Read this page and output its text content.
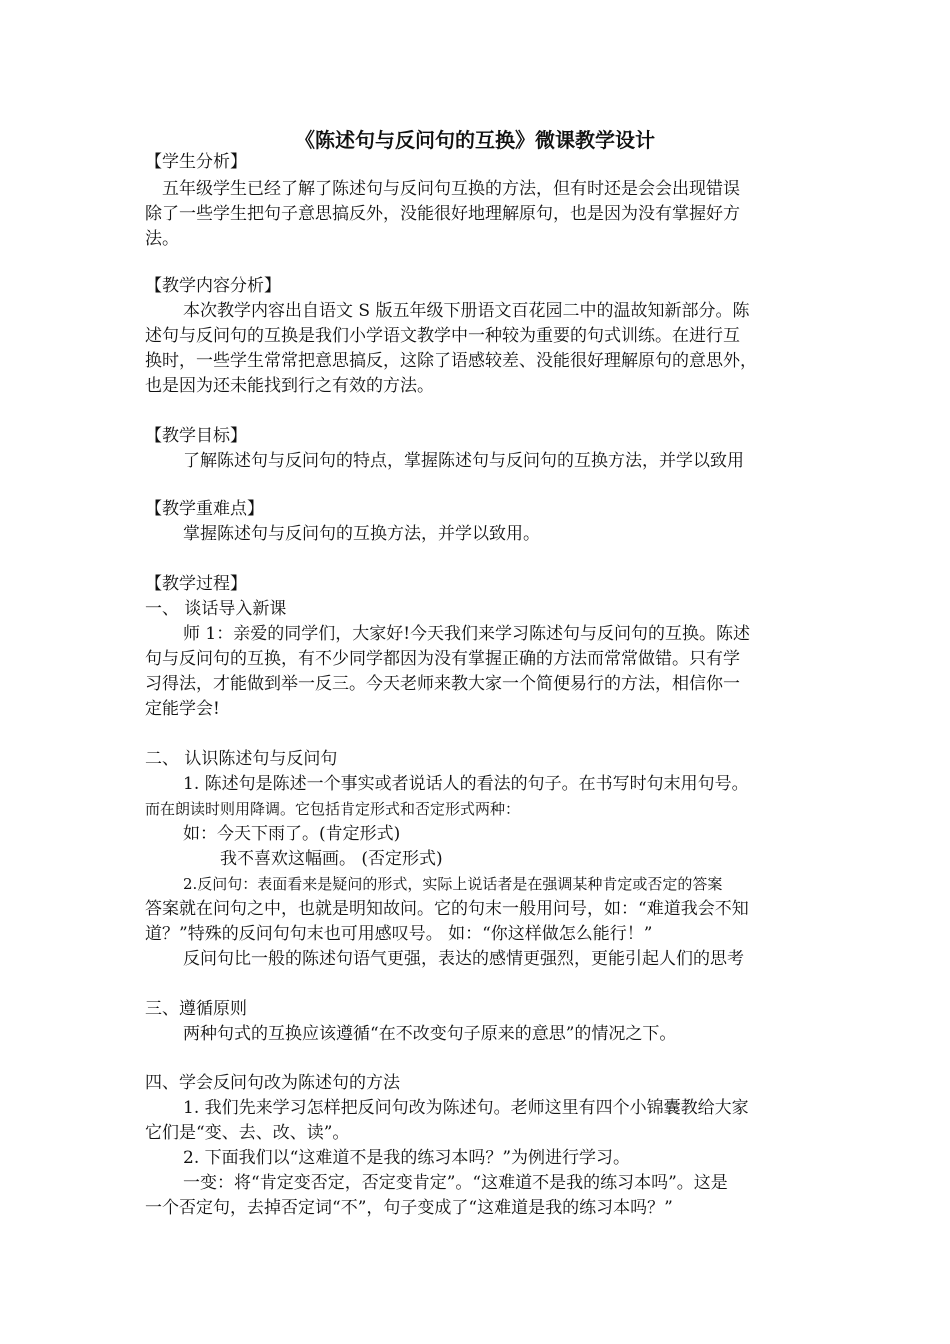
《陈述句与反问句的互换》微课教学设计

【学生分析】

五年级学生已经了解了陈述句与反问句互换的方法，但有时还是会会出现错误

除了一些学生把句子意思搞反外，没能很好地理解原句，也是因为没有掌握好方

法。

【教学内容分析】

本次教学内容出自语文 S 版五年级下册语文百花园二中的温故知新部分。陈

述句与反问句的互换是我们小学语文教学中一种较为重要的句式训练。在进行互

换时，一些学生常常把意思搞反，这除了语感较差、没能很好理解原句的意思外，

也是因为还未能找到行之有效的方法。

【教学目标】

了解陈述句与反问句的特点，掌握陈述句与反问句的互换方法，并学以致用

【教学重难点】

掌握陈述句与反问句的互换方法，并学以致用。

【教学过程】

一、 谈话导入新课

师 1：亲爱的同学们，大家好!今天我们来学习陈述句与反问句的互换。陈述

句与反问句的互换，有不少同学都因为没有掌握正确的方法而常常做错。只有学

习得法，才能做到举一反三。今天老师来教大家一个简便易行的方法，相信你一

定能学会!

二、 认识陈述句与反问句

1. 陈述句是陈述一个事实或者说话人的看法的句子。在书写时句末用句号。

而在朗读时则用降调。它包括肯定形式和否定形式两种：

如：今天下雨了。(肯定形式)

我不喜欢这幅画。 (否定形式)

2.反问句：表面看来是疑问的形式，实际上说话者是在强调某种肯定或否定的答案

答案就在问句之中，也就是明知故问。它的句末一般用问号，如：“难道我会不知

道？”特殊的反问句句末也可用感叹号。 如：“你这样做怎么能行！”

反问句比一般的陈述句语气更强，表达的感情更强烈，更能引起人们的思考

三、遵循原则

两种句式的互换应该遵循“在不改变句子原来的意思”的情况之下。

四、学会反问句改为陈述句的方法

1. 我们先来学习怎样把反问句改为陈述句。老师这里有四个小锦囊教给大家

它们是“变、去、改、读”。

2. 下面我们以“这难道不是我的练习本吗？”为例进行学习。

一变：将“肯定变否定，否定变肯定”。“这难道不是我的练习本吗”。这是

一个否定句，去掉否定词“不”，句子变成了“这难道是我的练习本吗？”
